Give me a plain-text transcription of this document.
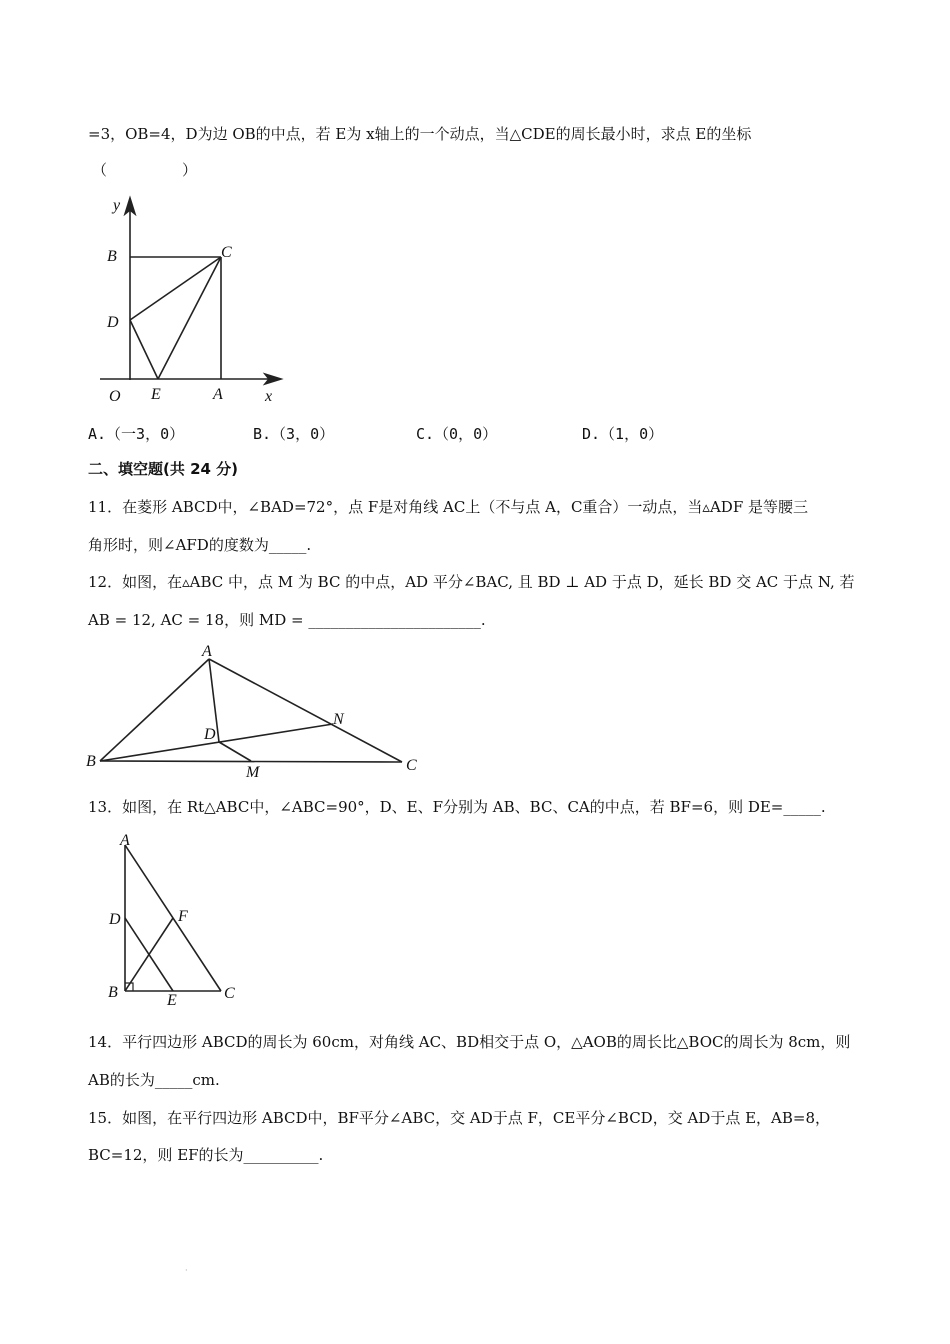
=3，OB=4，D为边 OB的中点，若 E为 x轴上的一个动点，当△CDE的周长最小时，求点 E的坐标
（　　　　　）
y
B	C
D
O E	A	x
A.（一3，0）	B.（3，0）	C.（0，0）	D.（1，0）
二、填空题(共 24 分)
11．在菱形 ABCD中，∠BAD=72°，点 F是对角线 AC上（不与点 A，C重合）一动点，当▵ADF 是等腰三
角形时，则∠AFD的度数为_____.
12．如图，在▵ABC 中，点 M 为 BC 的中点，AD 平分∠BAC, 且 BD ⊥ AD 于点 D，延长 BD 交 AC 于点 N, 若
AB = 12, AC = 18，则 MD = _______________________.
A
B	C
D
N
M
13．如图，在 Rt△ABC中，∠ABC=90°，D、E、F分别为 AB、BC、CA的中点，若 BF=6，则 DE=_____.
A
D	F
B	E	C
14．平行四边形 ABCD的周长为 60cm，对角线 AC、BD相交于点 O，△AOB的周长比△BOC的周长为 8cm，则
AB的长为_____cm.
15．如图，在平行四边形 ABCD中，BF平分∠ABC，交 AD于点 F，CE平分∠BCD，交 AD于点 E，AB=8，
BC=12，则 EF的长为__________.
·
